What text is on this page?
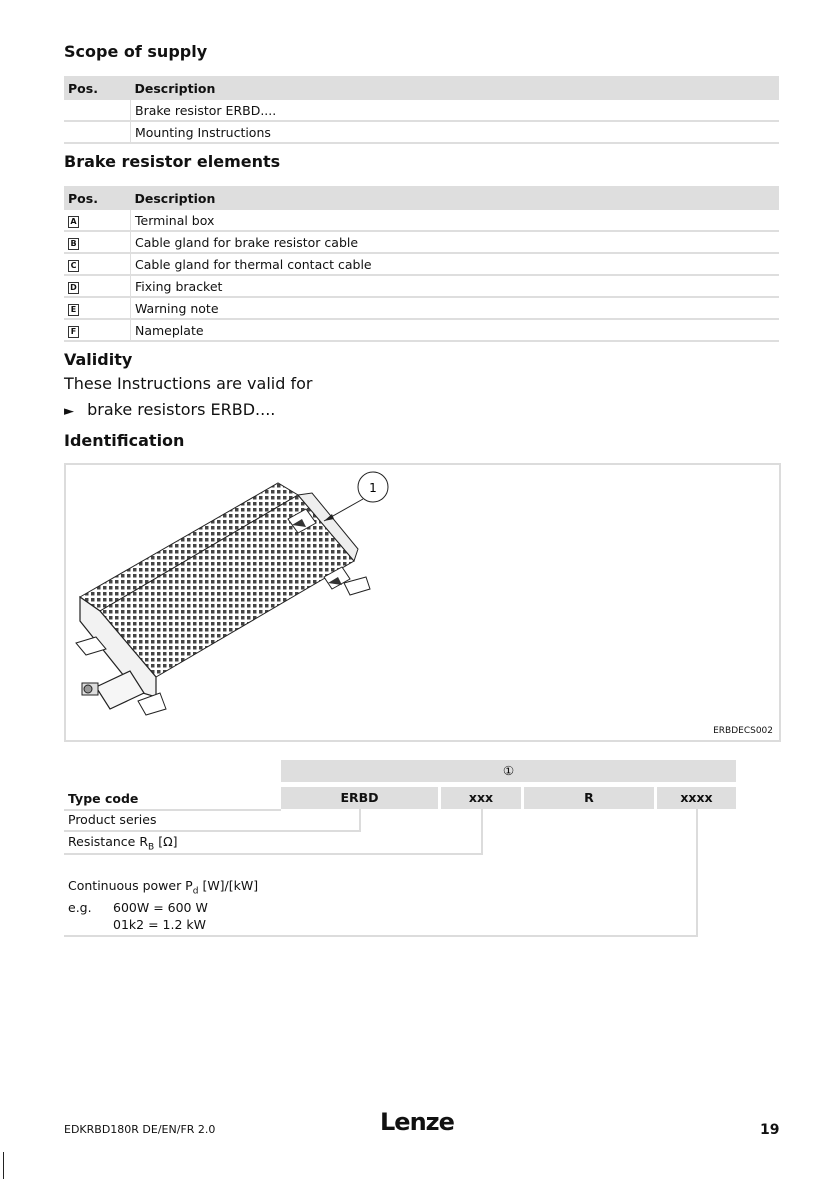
Scope of supply
Pos.	Description
	Brake resistor ERBD....
	Mounting Instructions
Brake resistor elements
Pos.	Description
A	Terminal box
B	Cable gland for brake resistor cable
C	Cable gland for thermal contact cable
D	Fixing bracket
E	Warning note
F	Nameplate
Validity
These Instructions are valid for
► brake resistors ERBD....
Identification
1
ERBDECS002
①
Type code	ERBD	xxx	R	xxxx
Product series
Resistance $R_B$ [Ω]
Continuous power $P_d$ [W]/[kW]
e.g. 600W = 600 W
01k2 = 1.2 kW
EDKRBD180R DE/EN/FR 2.0	Lenze	19
